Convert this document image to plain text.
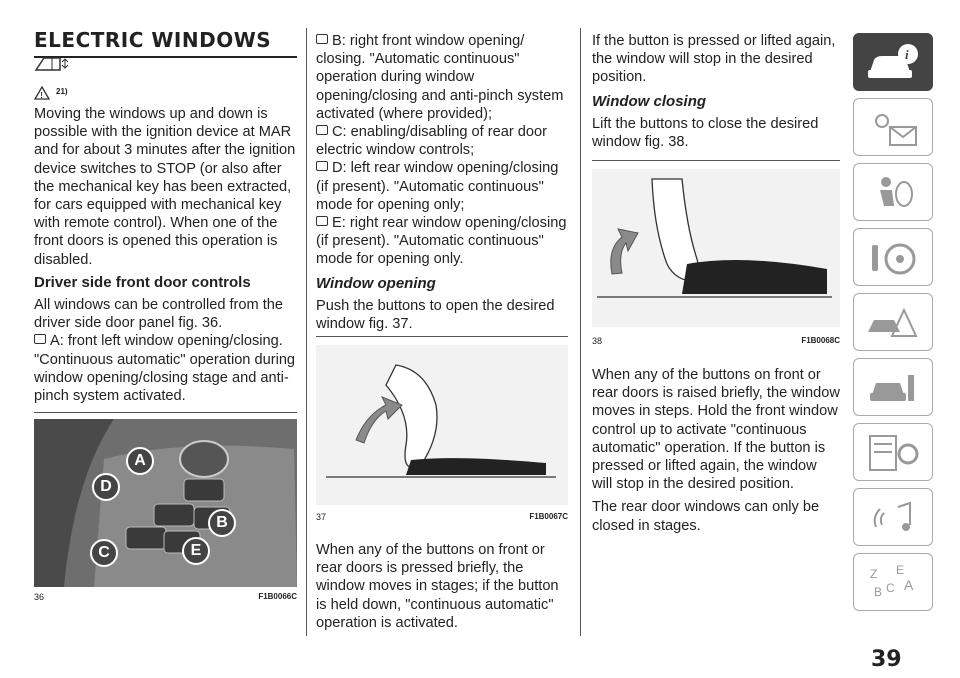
ELECTRIC WINDOWS
! 21)

Moving the windows up and down is possible with the ignition device at MAR and for about 3 minutes after the ignition device switches to STOP (or also after the mechanical key has been extracted, for cars equipped with mechanical key with remote control). When one of the front doors is opened this operation is disabled.

Driver side front door controls

All windows can be controlled from the driver side door panel fig. 36.

A: front left window opening/closing. "Continuous automatic" operation during window opening/closing stage and anti-pinch system activated.

A
D
B
C	E
36	F1B0066C

B: right front window opening/ closing. "Automatic continuous" operation during window opening/closing and anti-pinch system activated (where provided);

C: enabling/disabling of rear door electric window controls;

D: left rear window opening/closing (if present). "Automatic continuous" mode for opening only;

E: right rear window opening/closing (if present). "Automatic continuous" mode for opening only.

Window opening

Push the buttons to open the desired window fig. 37.

37	F1B0067C

When any of the buttons on front or rear doors is pressed briefly, the window moves in stages; if the button is held down, "continuous automatic" operation is activated.

If the button is pressed or lifted again, the window will stop in the desired position.

Window closing

Lift the buttons to close the desired window fig. 38.

38	F1B0068C

When any of the buttons on front or rear doors is raised briefly, the window moves in steps. Hold the front window control up to activate "continuous automatic" operation. If the button is pressed or lifted again, the window will stop in the desired position.

The rear door windows can only be closed in stages.

i
Z E
A
B C
39
